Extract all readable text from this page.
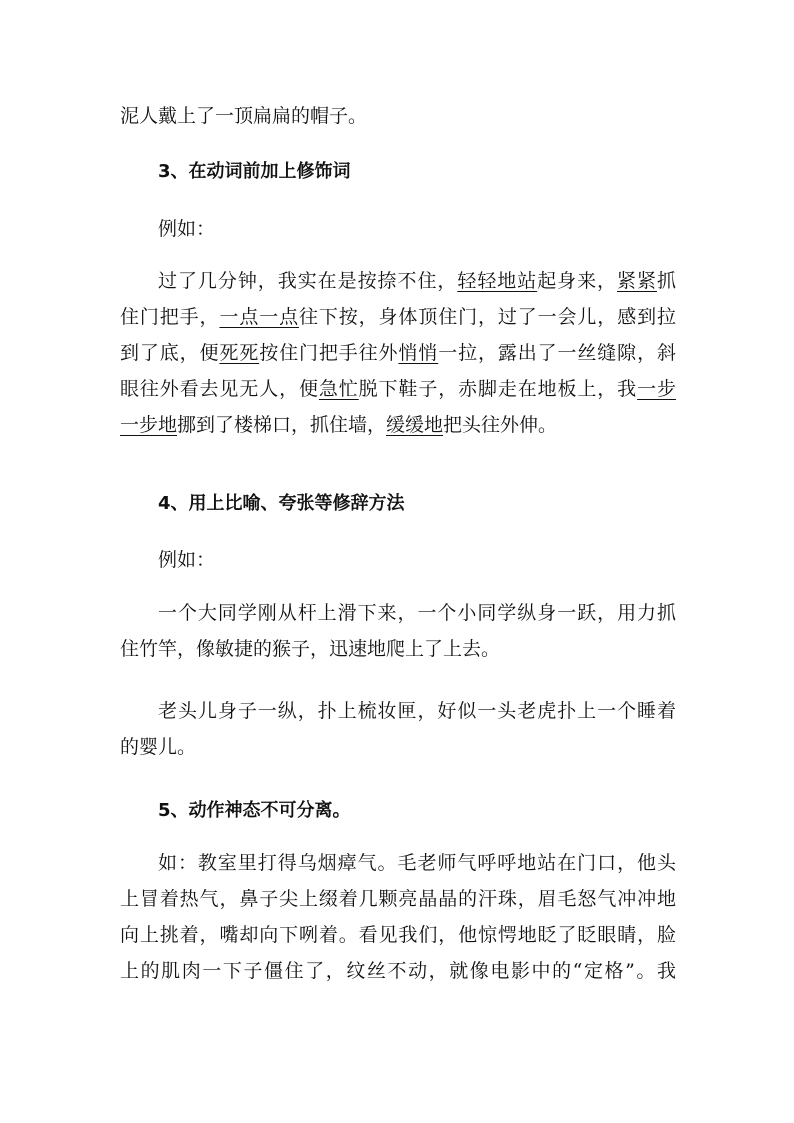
泥人戴上了一顶扁扁的帽子。

3、在动词前加上修饰词

例如：

过了几分钟，我实在是按捺不住，轻轻地站起身来，紧紧抓
住门把手，一点一点往下按，身体顶住门，过了一会儿，感到拉
到了底，便死死按住门把手往外悄悄一拉，露出了一丝缝隙，斜
眼往外看去见无人，便急忙脱下鞋子，赤脚走在地板上，我一步
一步地挪到了楼梯口，抓住墙，缓缓地把头往外伸。

4、用上比喻、夸张等修辞方法

例如：

一个大同学刚从杆上滑下来，一个小同学纵身一跃，用力抓
住竹竿，像敏捷的猴子，迅速地爬上了上去。
老头儿身子一纵，扑上梳妆匣，好似一头老虎扑上一个睡着
的婴儿。

5、动作神态不可分离。

如：教室里打得乌烟瘴气。毛老师气呼呼地站在门口，他头
上冒着热气，鼻子尖上缀着几颗亮晶晶的汗珠，眉毛怒气冲冲地
向上挑着，嘴却向下咧着。看见我们，他惊愕地眨了眨眼睛，脸
上的肌肉一下子僵住了，纹丝不动，就像电影中的“定格”。我
